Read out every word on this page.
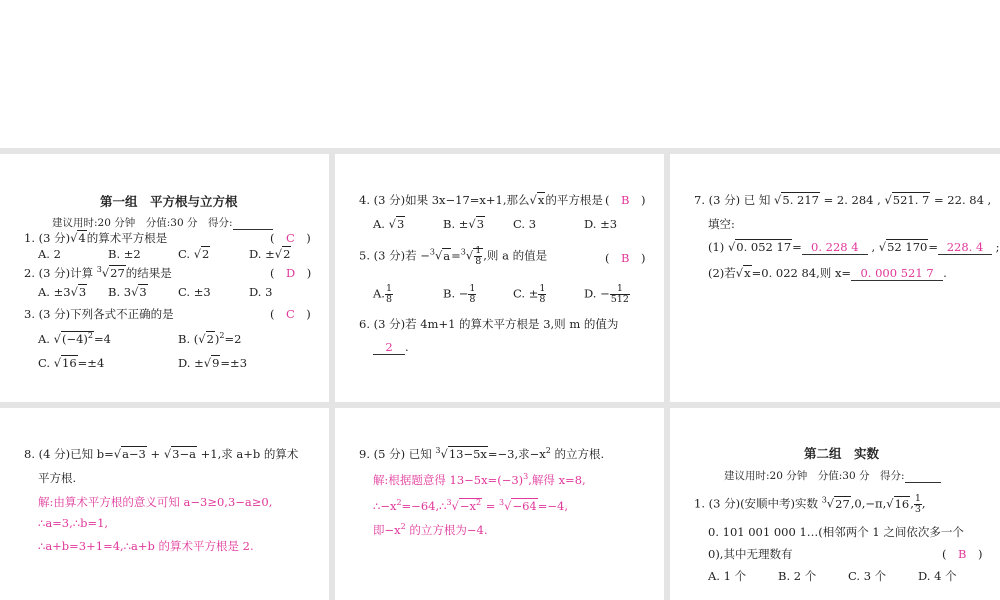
第一组　平方根与立方根
建议用时:20 分钟　分值:30 分　得分:
1. (3 分)√4的算术平方根是	(　C　)
A. 2	B. ±2	C. √2	D. ±√2
2. (3 分)计算 $^3$√27的结果是	(　D　)
A. ±3√3 B. 3√3	C. ±3	D. 3
3. (3 分)下列各式不正确的是	(　C　)
A. $√(-4)^2=4$	B. $(√2)^2=2$
C. √16=±4	D. ±√9=±3
4. (3 分)如果 3x−17=x+1,那么√x的平方根是 (　B　)
A. √3	B. ±√3	C. 3	D. ±3
5. (3 分)若 $-^3√a=^3√ \frac{1}{8}$ ,则 a 的值是	(　B　)
A. $\frac{1}{8}$	B. − $\frac{1}{8}$	C. ± $\frac{1}{8}$	D. − $\frac{1}{512}$
6. (3 分)若 4m+1 的算术平方根是 3,则 m 的值为
2 .
7. (3 分) 已 知 √5. 217 = 2. 284 , √521. 7 = 22. 84 ,
填空:
(1) √0. 052 17= 0. 228 4 , √52 170= 228. 4 ;
(2)若√x=0. 022 84,则 x= 0. 000 521 7 .
8. (4 分)已知 b=√a−3 + √3−a +1,求 a+b 的算术
平方根.
解:由算术平方根的意义可知 a−3≥0,3−a≥0,
∴a=3,∴b=1,
∴a+b=3+1=4,∴a+b 的算术平方根是 2.
9. (5 分) 已知 $^3$√13−5x=−3,求$-x^2$ 的立方根.
解:根据题意得 $13-5x=(-3)^3$,解得 x=8,
$\therefore-x^2=-64,\therefore^3√-x^2 = ^3√-64=-4$,
即$-x^2$ 的立方根为−4.
第二组　实数
建议用时:20 分钟　分值:30 分　得分:
1. (3 分)(安顺中考)实数 $^3$√27,0,−π,√16, $\frac{1}{3}$ ,
0. 101 001 000 1…(相邻两个 1 之间依次多一个
0),其中无理数有	(　B　)
A. 1 个	B. 2 个	C. 3 个	D. 4 个
